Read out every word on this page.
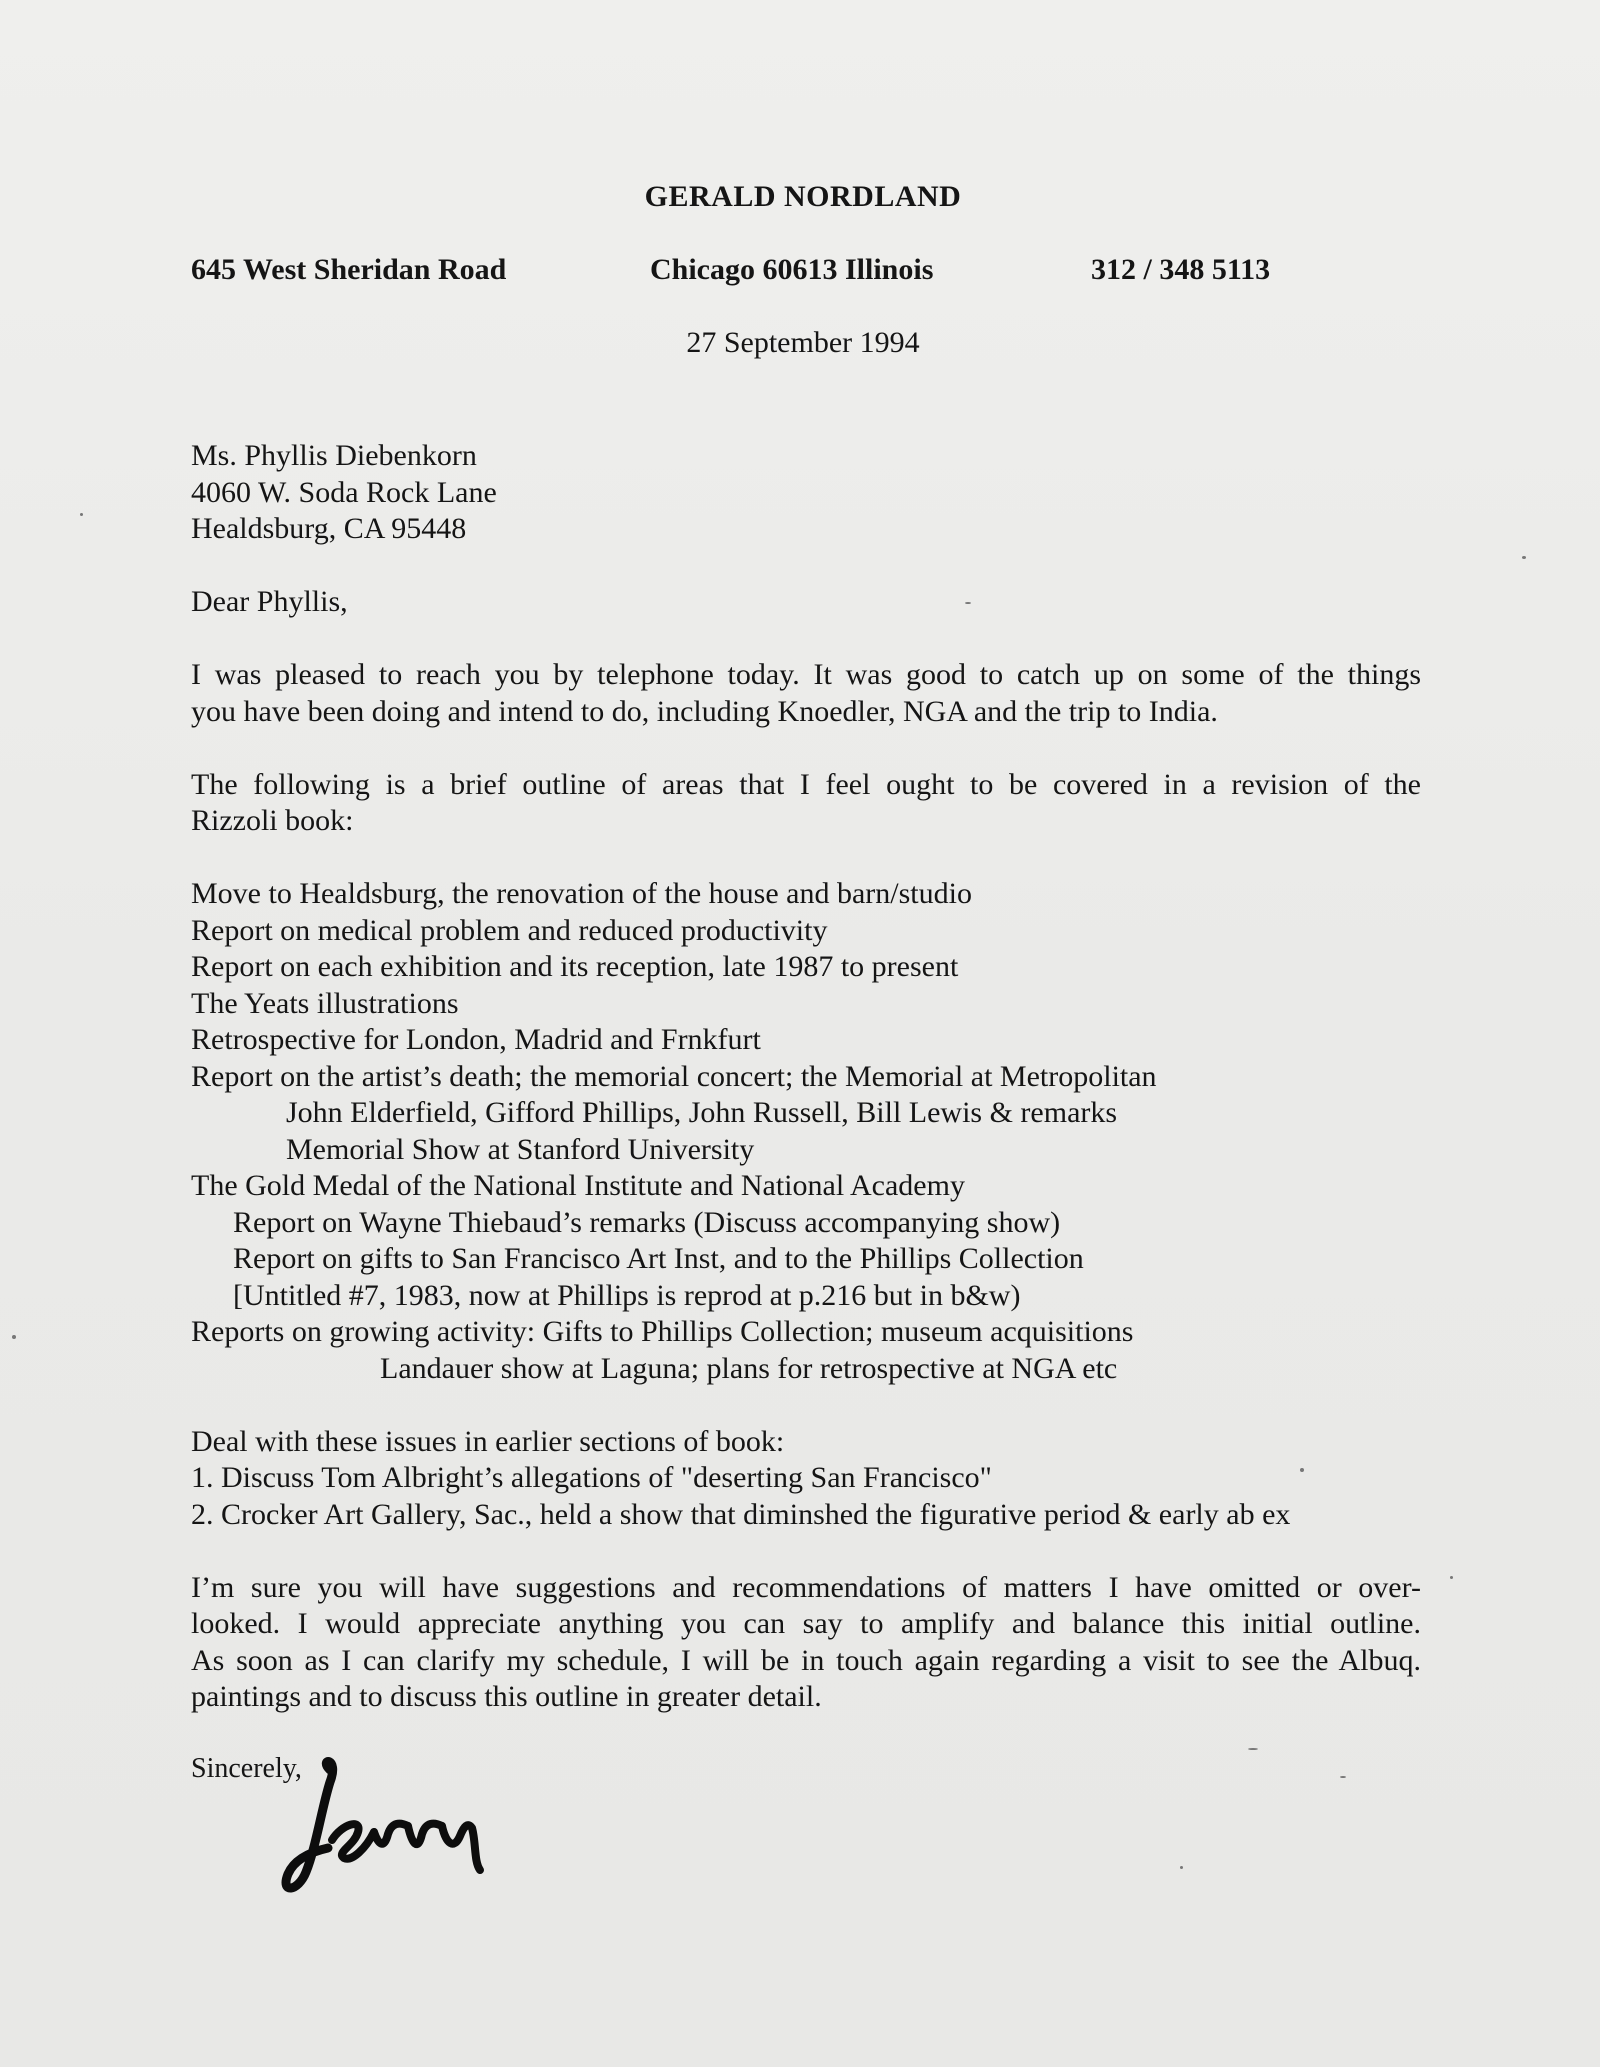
GERALD NORDLAND
645 West Sheridan Road	Chicago 60613 Illinois	312 / 348 5113
27 September 1994
Ms. Phyllis Diebenkorn
4060 W. Soda Rock Lane
Healdsburg, CA 95448
Dear Phyllis,
I was pleased to reach you by telephone today. It was good to catch up on some of the things
you have been doing and intend to do, including Knoedler, NGA and the trip to India.
The following is a brief outline of areas that I feel ought to be covered in a revision of the
Rizzoli book:
Move to Healdsburg, the renovation of the house and barn/studio
Report on medical problem and reduced productivity
Report on each exhibition and its reception, late 1987 to present
The Yeats illustrations
Retrospective for London, Madrid and Frnkfurt
Report on the artist’s death; the memorial concert; the Memorial at Metropolitan
John Elderfield, Gifford Phillips, John Russell, Bill Lewis & remarks
Memorial Show at Stanford University
The Gold Medal of the National Institute and National Academy
Report on Wayne Thiebaud’s remarks (Discuss accompanying show)
Report on gifts to San Francisco Art Inst, and to the Phillips Collection
[Untitled #7, 1983, now at Phillips is reprod at p.216 but in b&w)
Reports on growing activity: Gifts to Phillips Collection; museum acquisitions
Landauer show at Laguna; plans for retrospective at NGA etc
Deal with these issues in earlier sections of book:
1. Discuss Tom Albright’s allegations of "deserting San Francisco"
2. Crocker Art Gallery, Sac., held a show that diminshed the figurative period & early ab ex
I’m sure you will have suggestions and recommendations of matters I have omitted or over-
looked. I would appreciate anything you can say to amplify and balance this initial outline.
As soon as I can clarify my schedule, I will be in touch again regarding a visit to see the Albuq.
paintings and to discuss this outline in greater detail.
Sincerely,
